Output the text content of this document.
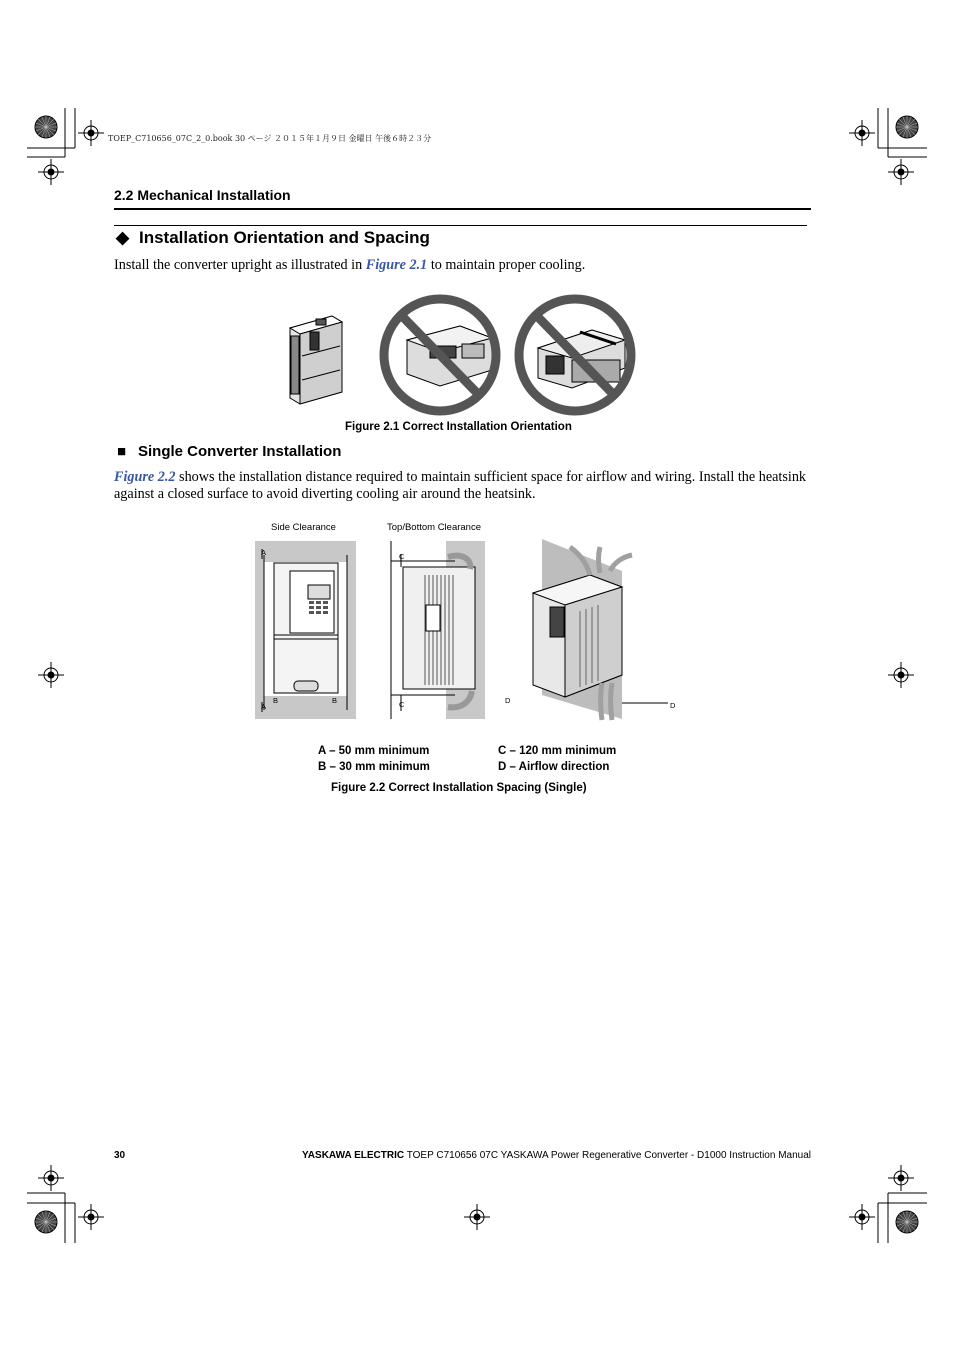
TOEP_C710656_07C_2_0.book 30 ページ ２０１５年１月９日 金曜日 午後６時２３分
2.2 Mechanical Installation
◆ Installation Orientation and Spacing
Install the converter upright as illustrated in Figure 2.1 to maintain proper cooling.
Figure 2.1 Correct Installation Orientation
■ Single Converter Installation
Figure 2.2 shows the installation distance required to maintain sufficient space for airflow and wiring. Install the heatsink
against a closed surface to avoid diverting cooling air around the heatsink.
Side Clearance	Top/Bottom Clearance
A
A
B	B
C
C	D
D
A – 50 mm minimum
B – 30 mm minimum
C – 120 mm minimum
D – Airflow direction
Figure 2.2 Correct Installation Spacing (Single)
30	YASKAWA ELECTRIC TOEP C710656 07C YASKAWA Power Regenerative Converter - D1000 Instruction Manual
